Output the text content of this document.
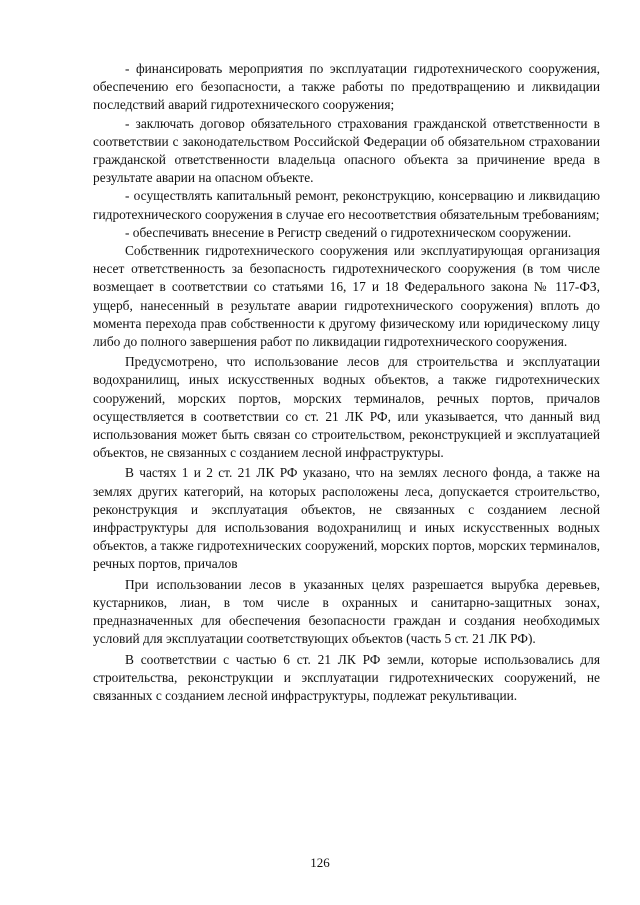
- финансировать мероприятия по эксплуатации гидротехнического сооружения, обеспечению его безопасности, а также работы по предотвращению и ликвидации последствий аварий гидротехнического сооружения;

- заключать договор обязательного страхования гражданской ответственности в соответствии с законодательством Российской Федерации об обязательном страховании гражданской ответственности владельца опасного объекта за причинение вреда в результате аварии на опасном объекте.

- осуществлять капитальный ремонт, реконструкцию, консервацию и ликвидацию гидротехнического сооружения в случае его несоответствия обязательным требованиям;

- обеспечивать внесение в Регистр сведений о гидротехническом сооружении.

Собственник гидротехнического сооружения или эксплуатирующая организация несет ответственность за безопасность гидротехнического сооружения (в том числе возмещает в соответствии со статьями 16, 17 и 18 Федерального закона № 117-ФЗ, ущерб, нанесенный в результате аварии гидротехнического сооружения) вплоть до момента перехода прав собственности к другому физическому или юридическому лицу либо до полного завершения работ по ликвидации гидротехнического сооружения.

Предусмотрено, что использование лесов для строительства и эксплуатации водохранилищ, иных искусственных водных объектов, а также гидротехнических сооружений, морских портов, морских терминалов, речных портов, причалов осуществляется в соответствии со ст. 21 ЛК РФ, или указывается, что данный вид использования может быть связан со строительством, реконструкцией и эксплуатацией объектов, не связанных с созданием лесной инфраструктуры.

В частях 1 и 2 ст. 21 ЛК РФ указано, что на землях лесного фонда, а также на землях других категорий, на которых расположены леса, допускается строительство, реконструкция и эксплуатация объектов, не связанных с созданием лесной инфраструктуры для использования водохранилищ и иных искусственных водных объектов, а также гидротехнических сооружений, морских портов, морских терминалов, речных портов, причалов

При использовании лесов в указанных целях разрешается вырубка деревьев, кустарников, лиан, в том числе в охранных и санитарно-защитных зонах, предназначенных для обеспечения безопасности граждан и создания необходимых условий для эксплуатации соответствующих объектов (часть 5 ст. 21 ЛК РФ).

В соответствии с частью 6 ст. 21 ЛК РФ земли, которые использовались для строительства, реконструкции и эксплуатации гидротехнических сооружений, не связанных с созданием лесной инфраструктуры, подлежат рекультивации.

126
